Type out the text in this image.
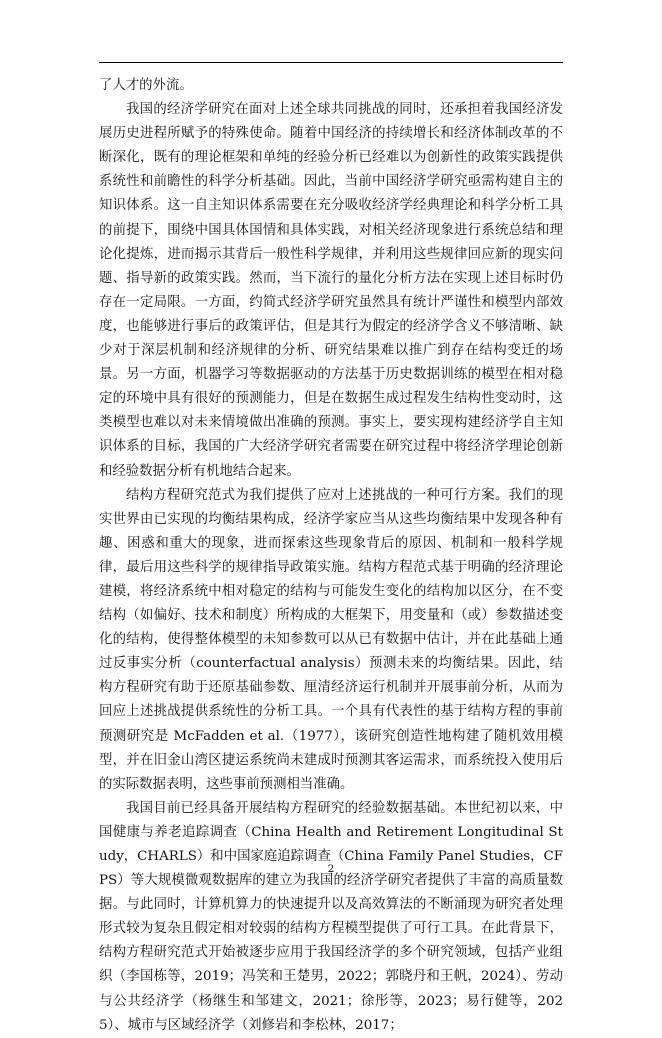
了人才的外流。

我国的经济学研究在面对上述全球共同挑战的同时，还承担着我国经济发展历史进程所赋予的特殊使命。随着中国经济的持续增长和经济体制改革的不断深化，既有的理论框架和单纯的经验分析已经难以为创新性的政策实践提供系统性和前瞻性的科学分析基础。因此，当前中国经济学研究亟需构建自主的知识体系。这一自主知识体系需要在充分吸收经济学经典理论和科学分析工具的前提下，围绕中国具体国情和具体实践，对相关经济现象进行系统总结和理论化提炼，进而揭示其背后一般性科学规律，并利用这些规律回应新的现实问题、指导新的政策实践。然而，当下流行的量化分析方法在实现上述目标时仍存在一定局限。一方面，约简式经济学研究虽然具有统计严谨性和模型内部效度，也能够进行事后的政策评估，但是其行为假定的经济学含义不够清晰、缺少对于深层机制和经济规律的分析、研究结果难以推广到存在结构变迁的场景。另一方面，机器学习等数据驱动的方法基于历史数据训练的模型在相对稳定的环境中具有很好的预测能力，但是在数据生成过程发生结构性变动时，这类模型也难以对未来情境做出准确的预测。事实上，要实现构建经济学自主知识体系的目标，我国的广大经济学研究者需要在研究过程中将经济学理论创新和经验数据分析有机地结合起来。

结构方程研究范式为我们提供了应对上述挑战的一种可行方案。我们的现实世界由已实现的均衡结果构成，经济学家应当从这些均衡结果中发现各种有趣、困惑和重大的现象，进而探索这些现象背后的原因、机制和一般科学规律，最后用这些科学的规律指导政策实施。结构方程范式基于明确的经济理论建模，将经济系统中相对稳定的结构与可能发生变化的结构加以区分，在不变结构（如偏好、技术和制度）所构成的大框架下，用变量和（或）参数描述变化的结构，使得整体模型的未知参数可以从已有数据中估计，并在此基础上通过反事实分析（counterfactual analysis）预测未来的均衡结果。因此，结构方程研究有助于还原基础参数、厘清经济运行机制并开展事前分析，从而为回应上述挑战提供系统性的分析工具。一个具有代表性的基于结构方程的事前预测研究是 McFadden et al.（1977），该研究创造性地构建了随机效用模型，并在旧金山湾区捷运系统尚未建成时预测其客运需求，而系统投入使用后的实际数据表明，这些事前预测相当准确。

我国目前已经具备开展结构方程研究的经验数据基础。本世纪初以来，中国健康与养老追踪调查（China Health and Retirement Longitudinal Study，CHARLS）和中国家庭追踪调查（China Family Panel Studies，CFPS）等大规模微观数据库的建立为我国的经济学研究者提供了丰富的高质量数据。与此同时，计算机算力的快速提升以及高效算法的不断涌现为研究者处理形式较为复杂且假定相对较弱的结构方程模型提供了可行工具。在此背景下，结构方程研究范式开始被逐步应用于我国经济学的多个研究领域，包括产业组织（李国栋等，2019；冯笑和王楚男，2022；郭晓丹和王帆，2024）、劳动与公共经济学（杨继生和邹建文，2021；徐彤等，2023；易行健等，2025）、城市与区域经济学（刘修岩和李松林，2017；

2
